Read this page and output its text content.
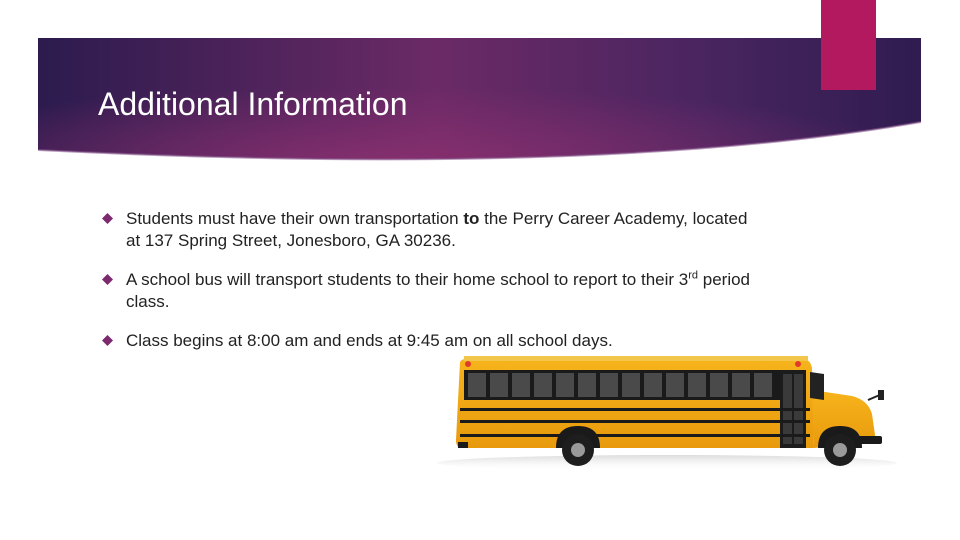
Additional Information
Students must have their own transportation to the Perry Career Academy, located at 137 Spring Street, Jonesboro, GA 30236.
A school bus will transport students to their home school to report to their 3rd period class.
Class begins at 8:00 am and ends at 9:45 am on all school days.
